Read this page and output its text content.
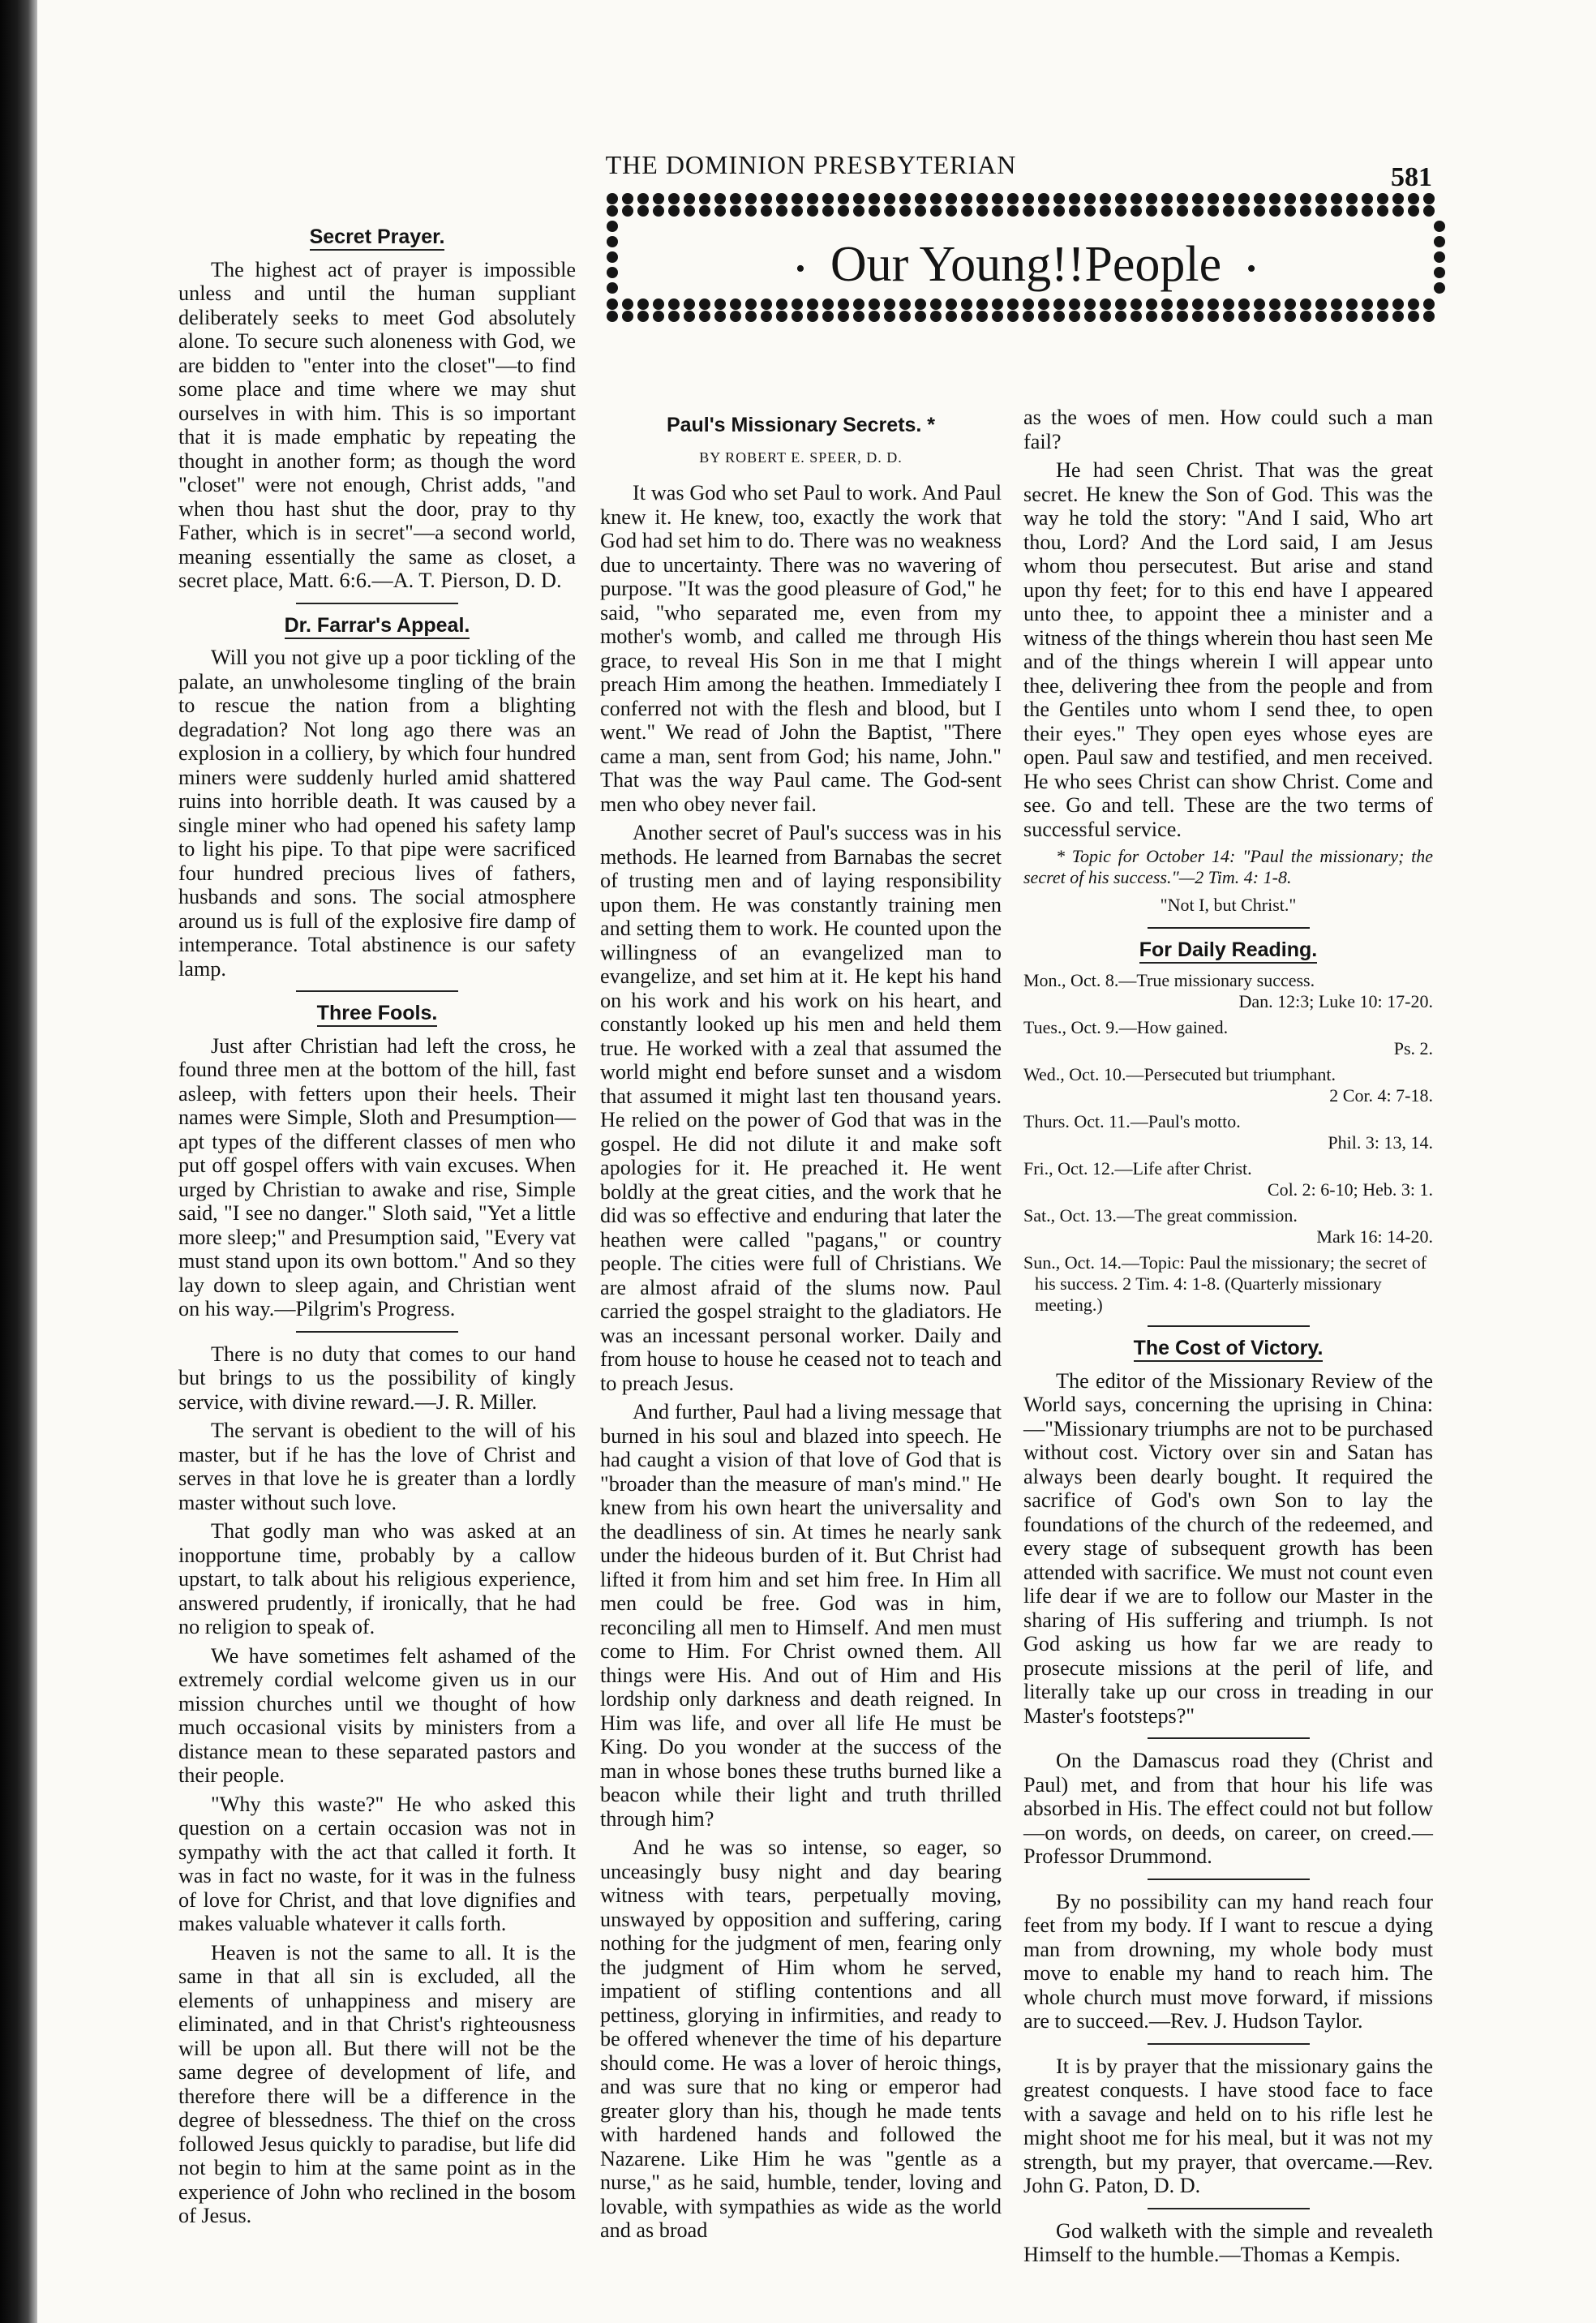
THE DOMINION PRESBYTERIAN	581
• Our Young!!People •
Secret Prayer.

The highest act of prayer is impossible unless and until the human suppliant deliberately seeks to meet God absolutely alone. To secure such aloneness with God, we are bidden to "enter into the closet"—to find some place and time where we may shut ourselves in with him. This is so important that it is made emphatic by repeating the thought in another form; as though the word "closet" were not enough, Christ adds, "and when thou hast shut the door, pray to thy Father, which is in secret"—a second world, meaning essentially the same as closet, a secret place, Matt. 6:6.—A. T. Pierson, D. D.

Dr. Farrar's Appeal.

Will you not give up a poor tickling of the palate, an unwholesome tingling of the brain to rescue the nation from a blighting degradation? Not long ago there was an explosion in a colliery, by which four hundred miners were suddenly hurled amid shattered ruins into horrible death. It was caused by a single miner who had opened his safety lamp to light his pipe. To that pipe were sacrificed four hundred precious lives of fathers, husbands and sons. The social atmosphere around us is full of the explosive fire damp of intemperance. Total abstinence is our safety lamp.

Three Fools.

Just after Christian had left the cross, he found three men at the bottom of the hill, fast asleep, with fetters upon their heels. Their names were Simple, Sloth and Presumption—apt types of the different classes of men who put off gospel offers with vain excuses. When urged by Christian to awake and rise, Simple said, "I see no danger." Sloth said, "Yet a little more sleep;" and Presumption said, "Every vat must stand upon its own bottom." And so they lay down to sleep again, and Christian went on his way.—Pilgrim's Progress.

There is no duty that comes to our hand but brings to us the possibility of kingly service, with divine reward.—J. R. Miller.

The servant is obedient to the will of his master, but if he has the love of Christ and serves in that love he is greater than a lordly master without such love.

That godly man who was asked at an inopportune time, probably by a callow upstart, to talk about his religious experience, answered prudently, if ironically, that he had no religion to speak of.

We have sometimes felt ashamed of the extremely cordial welcome given us in our mission churches until we thought of how much occasional visits by ministers from a distance mean to these separated pastors and their people.

"Why this waste?" He who asked this question on a certain occasion was not in sympathy with the act that called it forth. It was in fact no waste, for it was in the fulness of love for Christ, and that love dignifies and makes valuable whatever it calls forth.

Heaven is not the same to all. It is the same in that all sin is excluded, all the elements of unhappiness and misery are eliminated, and in that Christ's righteousness will be upon all. But there will not be the same degree of development of life, and therefore there will be a difference in the degree of blessedness. The thief on the cross followed Jesus quickly to paradise, but life did not begin to him at the same point as in the experience of John who reclined in the bosom of Jesus.

Paul's Missionary Secrets. *
BY ROBERT E. SPEER, D. D.

It was God who set Paul to work. And Paul knew it. He knew, too, exactly the work that God had set him to do. There was no weakness due to uncertainty. There was no wavering of purpose. "It was the good pleasure of God," he said, "who separated me, even from my mother's womb, and called me through His grace, to reveal His Son in me that I might preach Him among the heathen. Immediately I conferred not with the flesh and blood, but I went." We read of John the Baptist, "There came a man, sent from God; his name, John." That was the way Paul came. The God-sent men who obey never fail.

Another secret of Paul's success was in his methods. He learned from Barnabas the secret of trusting men and of laying responsibility upon them. He was constantly training men and setting them to work. He counted upon the willingness of an evangelized man to evangelize, and set him at it. He kept his hand on his work and his work on his heart, and constantly looked up his men and held them true. He worked with a zeal that assumed the world might end before sunset and a wisdom that assumed it might last ten thousand years. He relied on the power of God that was in the gospel. He did not dilute it and make soft apologies for it. He preached it. He went boldly at the great cities, and the work that he did was so effective and enduring that later the heathen were called "pagans," or country people. The cities were full of Christians. We are almost afraid of the slums now. Paul carried the gospel straight to the gladiators. He was an incessant personal worker. Daily and from house to house he ceased not to teach and to preach Jesus.

And further, Paul had a living message that burned in his soul and blazed into speech. He had caught a vision of that love of God that is "broader than the measure of man's mind." He knew from his own heart the universality and the deadliness of sin. At times he nearly sank under the hideous burden of it. But Christ had lifted it from him and set him free. In Him all men could be free. God was in him, reconciling all men to Himself. And men must come to Him. For Christ owned them. All things were His. And out of Him and His lordship only darkness and death reigned. In Him was life, and over all life He must be King. Do you wonder at the success of the man in whose bones these truths burned like a beacon while their light and truth thrilled through him?

And he was so intense, so eager, so unceasingly busy night and day bearing witness with tears, perpetually moving, unswayed by opposition and suffering, caring nothing for the judgment of men, fearing only the judgment of Him whom he served, impatient of stifling contentions and all pettiness, glorying in infirmities, and ready to be offered whenever the time of his departure should come. He was a lover of heroic things, and was sure that no king or emperor had greater glory than his, though he made tents with hardened hands and followed the Nazarene. Like Him he was "gentle as a nurse," as he said, humble, tender, loving and lovable, with sympathies as wide as the world and as broad

as the woes of men. How could such a man fail?

He had seen Christ. That was the great secret. He knew the Son of God. This was the way he told the story: "And I said, Who art thou, Lord? And the Lord said, I am Jesus whom thou persecutest. But arise and stand upon thy feet; for to this end have I appeared unto thee, to appoint thee a minister and a witness of the things wherein thou hast seen Me and of the things wherein I will appear unto thee, delivering thee from the people and from the Gentiles unto whom I send thee, to open their eyes." They open eyes whose eyes are open. Paul saw and testified, and men received. He who sees Christ can show Christ. Come and see. Go and tell. These are the two terms of successful service.

* Topic for October 14: "Paul the missionary; the secret of his success."—2 Tim. 4: 1-8.

"Not I, but Christ."
For Daily Reading.
Mon., Oct. 8.—True missionary success.
Dan. 12:3; Luke 10: 17-20.
Tues., Oct. 9.—How gained.
Ps. 2.
Wed., Oct. 10.—Persecuted but triumphant.
2 Cor. 4: 7-18.
Thurs. Oct. 11.—Paul's motto.
Phil. 3: 13, 14.
Fri., Oct. 12.—Life after Christ.
Col. 2: 6-10; Heb. 3: 1.
Sat., Oct. 13.—The great commission.
Mark 16: 14-20.
Sun., Oct. 14.—Topic: Paul the missionary; the secret of his success. 2 Tim. 4: 1-8. (Quarterly missionary meeting.)
The Cost of Victory.

The editor of the Missionary Review of the World says, concerning the uprising in China:—"Missionary triumphs are not to be purchased without cost. Victory over sin and Satan has always been dearly bought. It required the sacrifice of God's own Son to lay the foundations of the church of the redeemed, and every stage of subsequent growth has been attended with sacrifice. We must not count even life dear if we are to follow our Master in the sharing of His suffering and triumph. Is not God asking us how far we are ready to prosecute missions at the peril of life, and literally take up our cross in treading in our Master's footsteps?"

On the Damascus road they (Christ and Paul) met, and from that hour his life was absorbed in His. The effect could not but follow—on words, on deeds, on career, on creed.—Professor Drummond.

By no possibility can my hand reach four feet from my body. If I want to rescue a dying man from drowning, my whole body must move to enable my hand to reach him. The whole church must move forward, if missions are to succeed.—Rev. J. Hudson Taylor.

It is by prayer that the missionary gains the greatest conquests. I have stood face to face with a savage and held on to his rifle lest he might shoot me for his meal, but it was not my strength, but my prayer, that overcame.—Rev. John G. Paton, D. D.

God walketh with the simple and revealeth Himself to the humble.—Thomas a Kempis.
